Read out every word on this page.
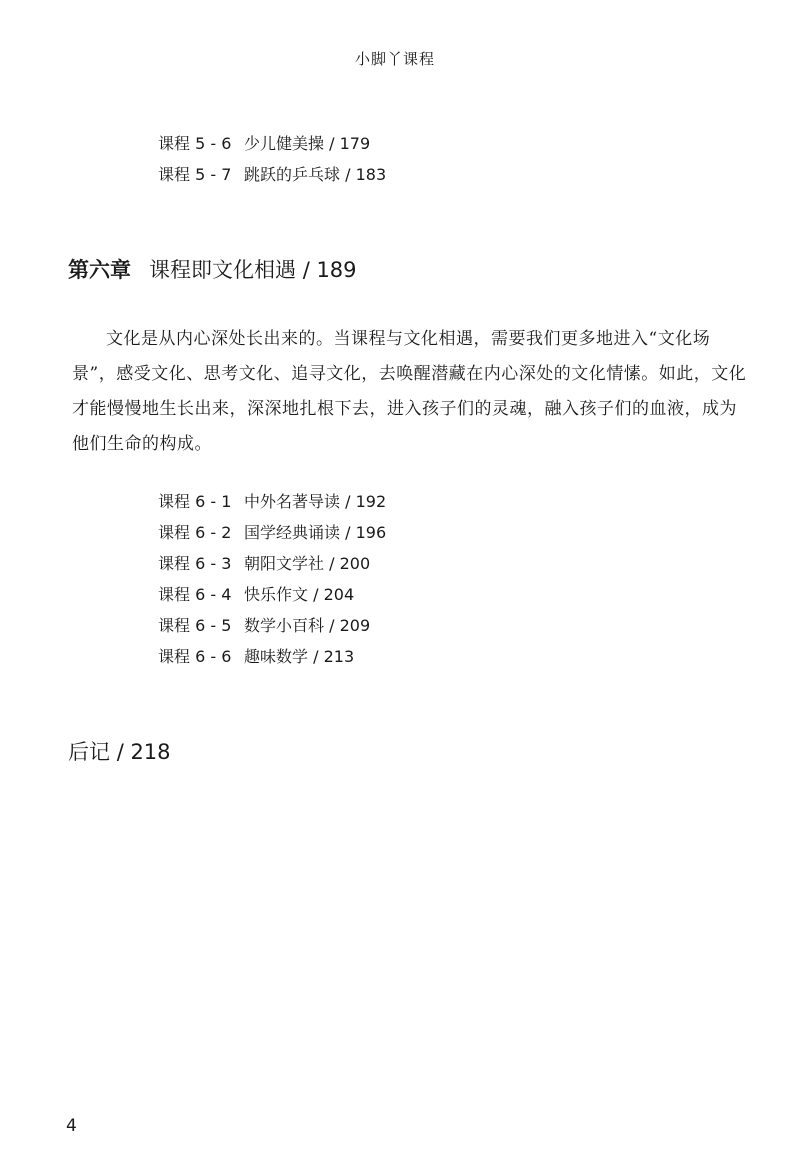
小脚丫课程
课程 5 - 6 少儿健美操 / 179
课程 5 - 7 跳跃的乒乓球 / 183
第六章 课程即文化相遇 / 189

文化是从内心深处长出来的。当课程与文化相遇，需要我们更多地进入“文化场景”，感受文化、思考文化、追寻文化，去唤醒潜藏在内心深处的文化情愫。如此，文化才能慢慢地生长出来，深深地扎根下去，进入孩子们的灵魂，融入孩子们的血液，成为他们生命的构成。

课程 6 - 1 中外名著导读 / 192
课程 6 - 2 国学经典诵读 / 196
课程 6 - 3 朝阳文学社 / 200
课程 6 - 4 快乐作文 / 204
课程 6 - 5 数学小百科 / 209
课程 6 - 6 趣味数学 / 213
后记 / 218
4
